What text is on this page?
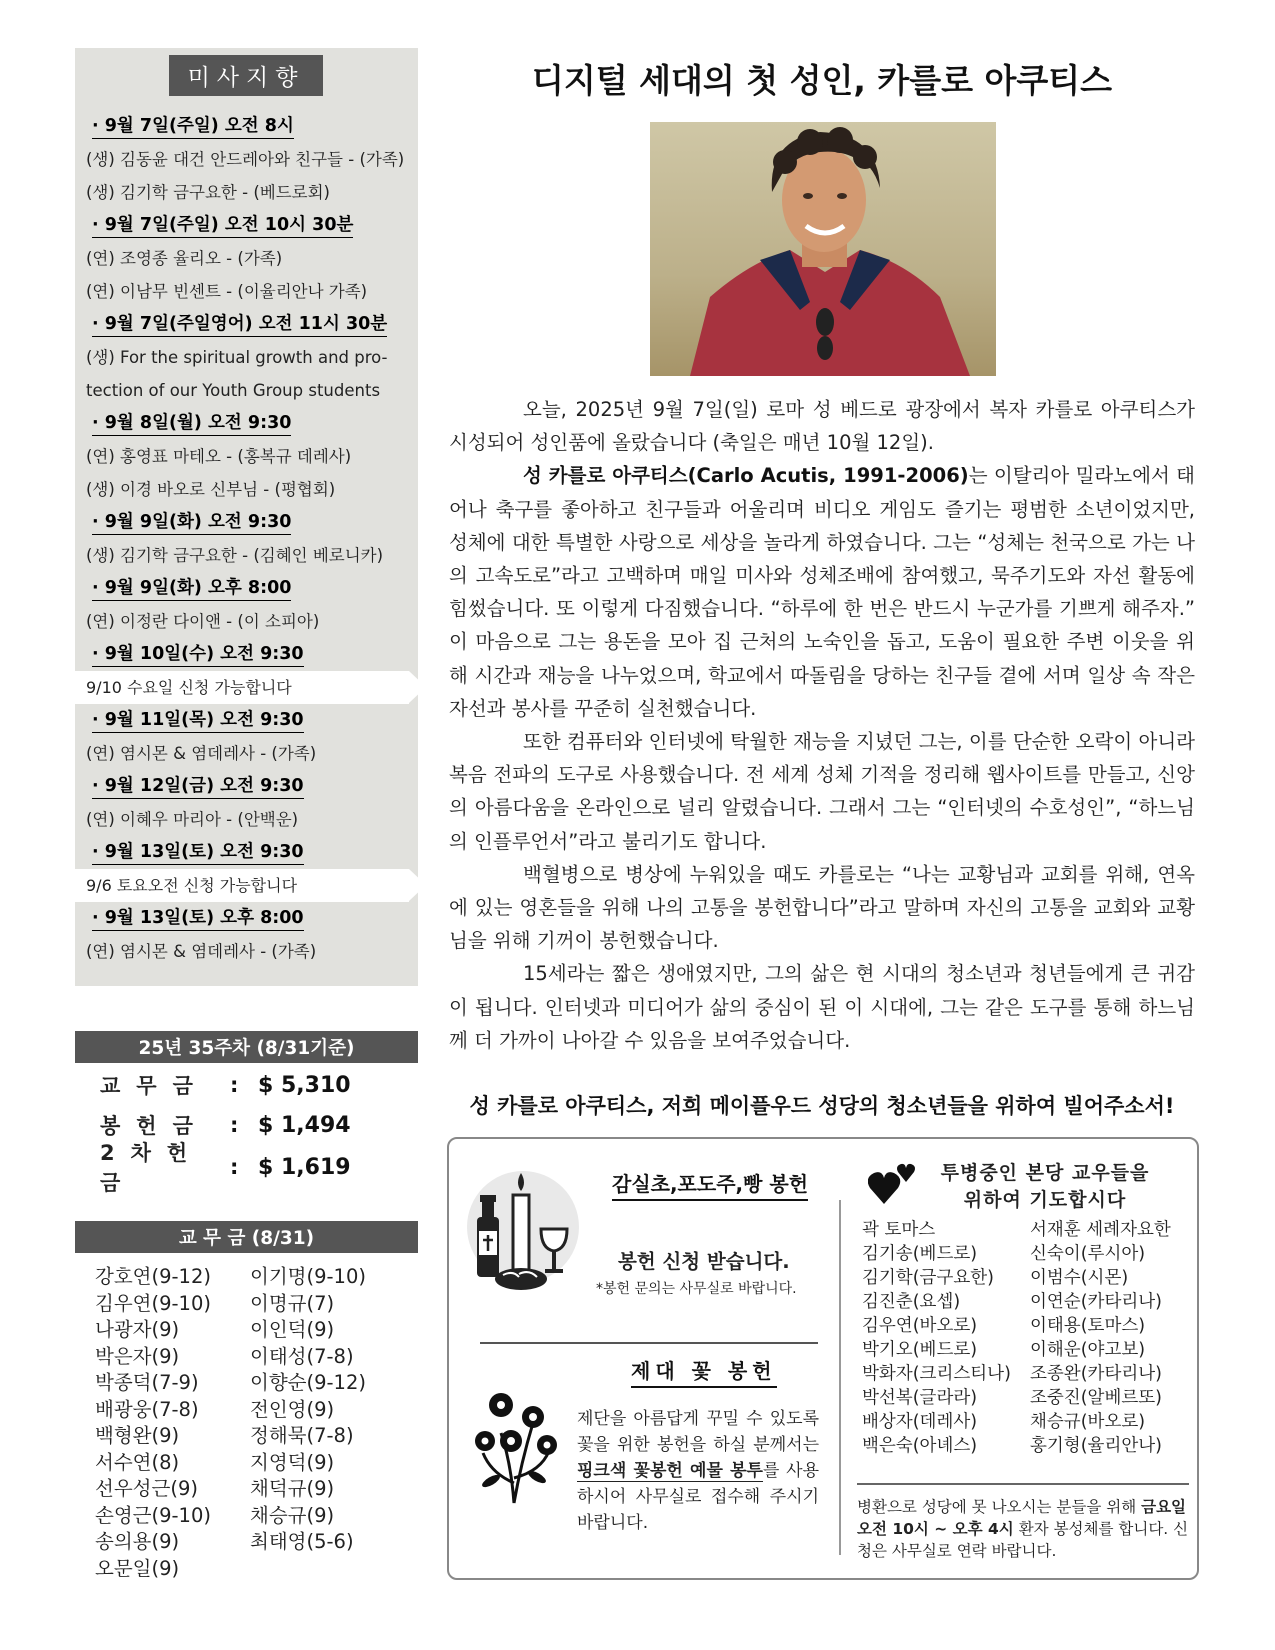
미사지향
· 9월 7일(주일) 오전 8시
(생) 김동윤 대건 안드레아와 친구들 - (가족)
(생) 김기학 금구요한 - (베드로회)
· 9월 7일(주일) 오전 10시 30분
(연) 조영종 율리오 - (가족)
(연) 이남무 빈센트 - (이율리안나 가족)
· 9월 7일(주일영어) 오전 11시 30분
(생) For the spiritual growth and pro-
tection of our Youth Group students
· 9월 8일(월) 오전 9:30
(연) 홍영표 마테오 - (홍복규 데레사)
(생) 이경 바오로 신부님 - (평협회)
· 9월 9일(화) 오전 9:30
(생) 김기학 금구요한 - (김혜인 베로니카)
· 9월 9일(화) 오후 8:00
(연) 이정란 다이앤 - (이 소피아)
· 9월 10일(수) 오전 9:30
9/10 수요일 신청 가능합니다
· 9월 11일(목) 오전 9:30
(연) 염시몬 & 염데레사 - (가족)
· 9월 12일(금) 오전 9:30
(연) 이혜우 마리아 - (안백운)
· 9월 13일(토) 오전 9:30
9/6 토요오전 신청 가능합니다
· 9월 13일(토) 오후 8:00
(연) 염시몬 & 염데레사 - (가족)
25년 35주차 (8/31기준)
교무금	: $ 5,310
봉헌금	: $ 1,494
2차헌금
: $ 1,619
교 무 금 (8/31)
강호연(9-12)
김우연(9-10)
나광자(9)
박은자(9)
박종덕(7-9)
배광웅(7-8)
백형완(9)
서수연(8)
선우성근(9)
손영근(9-10)
송의용(9)
오문일(9)
이기명(9-10)
이명규(7)
이인덕(9)
이태성(7-8)
이향순(9-12)
전인영(9)
정해묵(7-8)
지영덕(9)
채덕규(9)
채승규(9)
최태영(5-6)
디지털 세대의 첫 성인, 카를로 아쿠티스

오늘, 2025년 9월 7일(일) 로마 성 베드로 광장에서 복자 카를로 아쿠티스가 시성되어 성인품에 올랐습니다 (축일은 매년 10월 12일).

성 카를로 아쿠티스(Carlo Acutis, 1991-2006)는 이탈리아 밀라노에서 태어나 축구를 좋아하고 친구들과 어울리며 비디오 게임도 즐기는 평범한 소년이었지만, 성체에 대한 특별한 사랑으로 세상을 놀라게 하였습니다. 그는 “성체는 천국으로 가는 나의 고속도로”라고 고백하며 매일 미사와 성체조배에 참여했고, 묵주기도와 자선 활동에 힘썼습니다. 또 이렇게 다짐했습니다. “하루에 한 번은 반드시 누군가를 기쁘게 해주자.” 이 마음으로 그는 용돈을 모아 집 근처의 노숙인을 돕고, 도움이 필요한 주변 이웃을 위해 시간과 재능을 나누었으며, 학교에서 따돌림을 당하는 친구들 곁에 서며 일상 속 작은 자선과 봉사를 꾸준히 실천했습니다.

또한 컴퓨터와 인터넷에 탁월한 재능을 지녔던 그는, 이를 단순한 오락이 아니라 복음 전파의 도구로 사용했습니다. 전 세계 성체 기적을 정리해 웹사이트를 만들고, 신앙의 아름다움을 온라인으로 널리 알렸습니다. 그래서 그는 “인터넷의 수호성인”, “하느님의 인플루언서”라고 불리기도 합니다.

백혈병으로 병상에 누워있을 때도 카를로는 “나는 교황님과 교회를 위해, 연옥에 있는 영혼들을 위해 나의 고통을 봉헌합니다”라고 말하며 자신의 고통을 교회와 교황님을 위해 기꺼이 봉헌했습니다.

15세라는 짧은 생애였지만, 그의 삶은 현 시대의 청소년과 청년들에게 큰 귀감이 됩니다. 인터넷과 미디어가 삶의 중심이 된 이 시대에, 그는 같은 도구를 통해 하느님께 더 가까이 나아갈 수 있음을 보여주었습니다.

성 카를로 아쿠티스, 저희 메이플우드 성당의 청소년들을 위하여 빌어주소서!
감실초,포도주,빵 봉헌
봉헌 신청 받습니다.
*봉헌 문의는 사무실로 바랍니다.
제대 꽃 봉헌
제단을 아름답게 꾸밀 수 있도록 꽃을 위한 봉헌을 하실 분께서는 핑크색 꽃봉헌 예물 봉투를 사용하시어 사무실로 접수해 주시기 바랍니다.
투병중인 본당 교우들을
위하여 기도합시다
곽 토마스
김기송(베드로)
김기학(금구요한)
김진춘(요셉)
김우연(바오로)
박기오(베드로)
박화자(크리스티나)
박선복(글라라)
배상자(데레사)
백은숙(아녜스)
서재훈 세례자요한
신숙이(루시아)
이범수(시몬)
이연순(카타리나)
이태용(토마스)
이해운(야고보)
조종완(카타리나)
조중진(알베르또)
채승규(바오로)
홍기형(율리안나)
병환으로 성당에 못 나오시는 분들을 위해 금요일 오전 10시 ~ 오후 4시 환자 봉성체를 합니다. 신청은 사무실로 연락 바랍니다.
